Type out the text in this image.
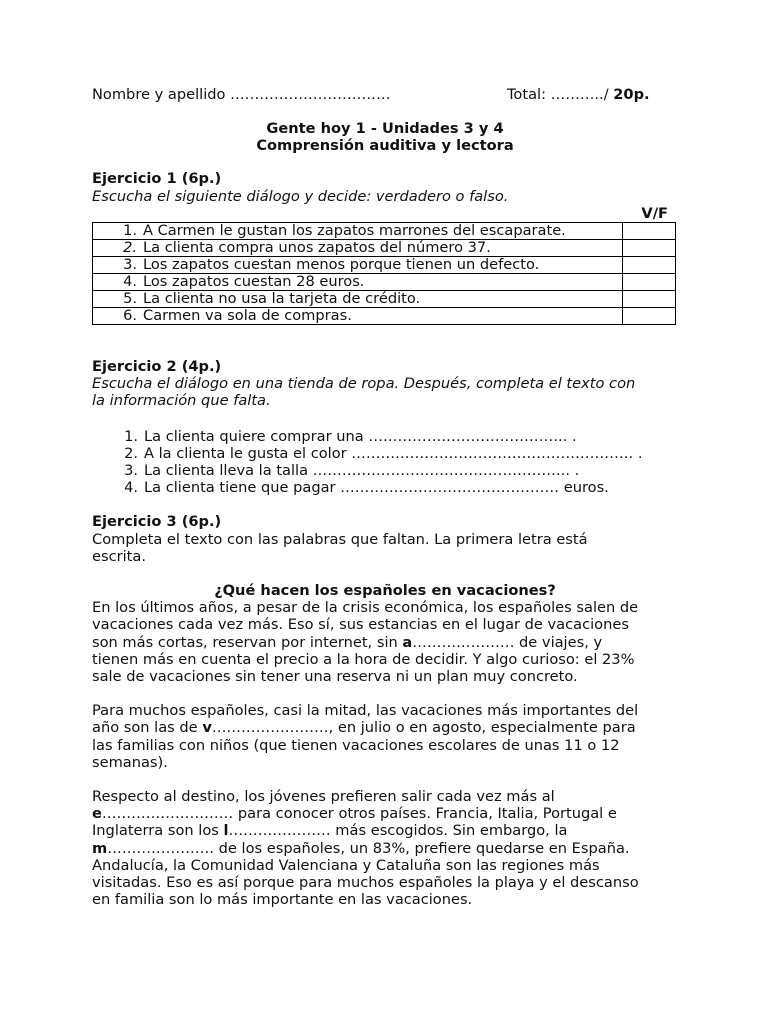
Nombre y apellido ……………………………	Total: ………../ 20p.
Gente hoy 1 - Unidades 3 y 4
Comprensión auditiva y lectora
Ejercicio 1 (6p.)
Escucha el siguiente diálogo y decide: verdadero o falso.
V/F
1. A Carmen le gustan los zapatos marrones del escaparate.	
2. La clienta compra unos zapatos del número 37.	
3. Los zapatos cuestan menos porque tienen un defecto.	
4. Los zapatos cuestan 28 euros.	
5. La clienta no usa la tarjeta de crédito.	
6. Carmen va sola de compras.	
Ejercicio 2 (4p.)
Escucha el diálogo en una tienda de ropa. Después, completa el texto con
la información que falta.
1. La clienta quiere comprar una ………………………………….. .
2. A la clienta le gusta el color …………………………………………………. .
3. La clienta lleva la talla …………………………………………….. .
4. La clienta tiene que pagar ……………………………………… euros.
Ejercicio 3 (6p.)
Completa el texto con las palabras que faltan. La primera letra está
escrita.
¿Qué hacen los españoles en vacaciones?
En los últimos años, a pesar de la crisis económica, los españoles salen de
vacaciones cada vez más. Eso sí, sus estancias en el lugar de vacaciones
son más cortas, reservan por internet, sin a………………… de viajes, y
tienen más en cuenta el precio a la hora de decidir. Y algo curioso: el 23%
sale de vacaciones sin tener una reserva ni un plan muy concreto.
Para muchos españoles, casi la mitad, las vacaciones más importantes del
año son las de v……………………, en julio o en agosto, especialmente para
las familias con niños (que tienen vacaciones escolares de unas 11 o 12
semanas).
Respecto al destino, los jóvenes prefieren salir cada vez más al
e……………………… para conocer otros países. Francia, Italia, Portugal e
Inglaterra son los l………………… más escogidos. Sin embargo, la
m…………………. de los españoles, un 83%, prefiere quedarse en España.
Andalucía, la Comunidad Valenciana y Cataluña son las regiones más
visitadas. Eso es así porque para muchos españoles la playa y el descanso
en familia son lo más importante en las vacaciones.
